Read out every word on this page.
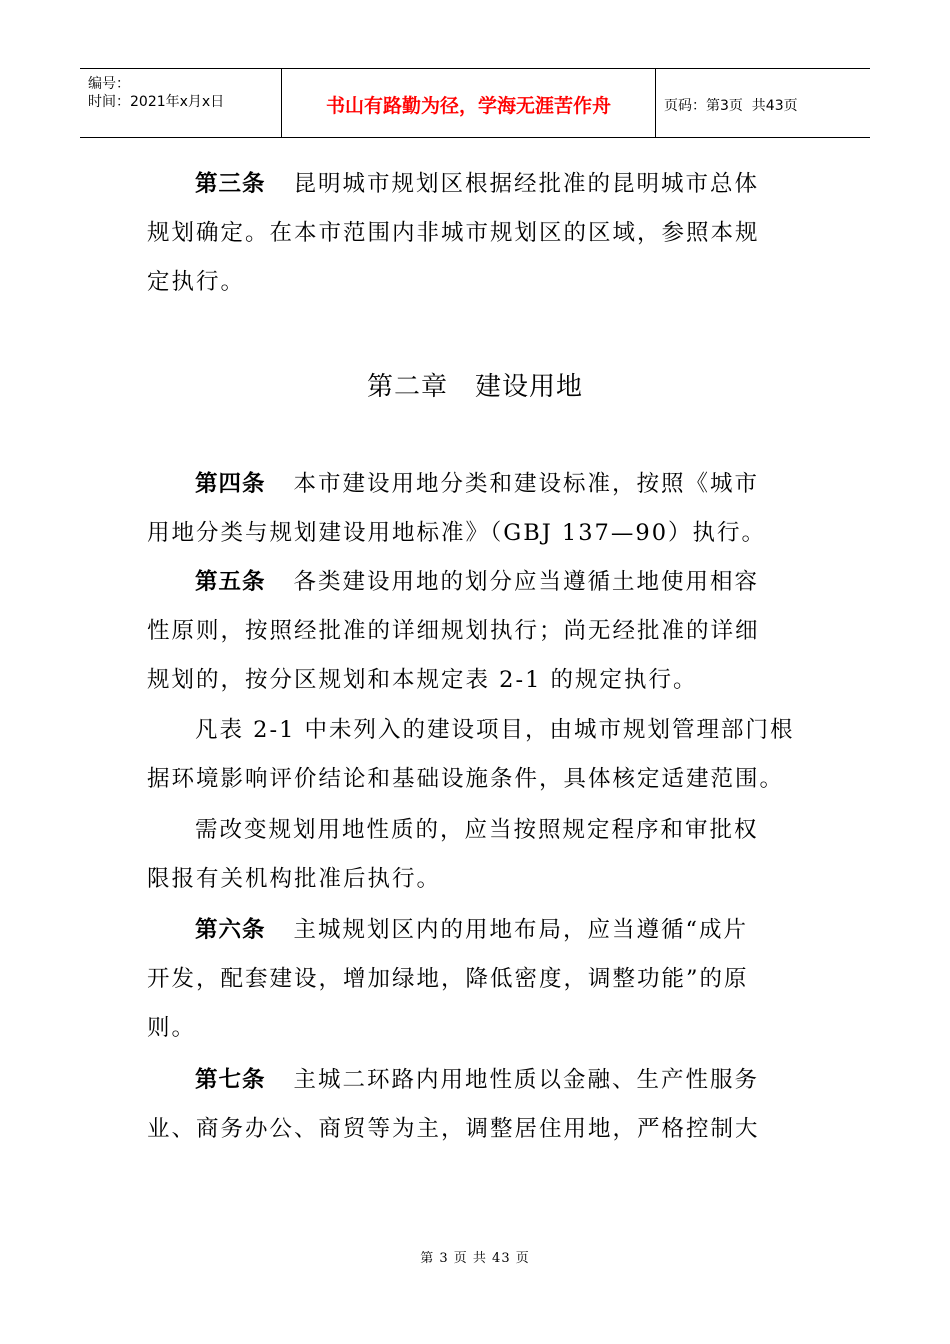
编号：
时间：2021年x月x日	书山有路勤为径，学海无涯苦作舟	页码：第3页  共43页
第三条 昆明城市规划区根据经批准的昆明城市总体
规划确定。在本市范围内非城市规划区的区域，参照本规
定执行。
第二章　建设用地
第四条 本市建设用地分类和建设标准，按照《城市
用地分类与规划建设用地标准》（GBJ 137—90）执行。
第五条 各类建设用地的划分应当遵循土地使用相容
性原则，按照经批准的详细规划执行；尚无经批准的详细
规划的，按分区规划和本规定表 2-1 的规定执行。
凡表 2-1 中未列入的建设项目，由城市规划管理部门根
据环境影响评价结论和基础设施条件，具体核定适建范围。
需改变规划用地性质的，应当按照规定程序和审批权
限报有关机构批准后执行。
第六条 主城规划区内的用地布局，应当遵循“成片
开发，配套建设，增加绿地，降低密度，调整功能”的原
则。
第七条 主城二环路内用地性质以金融、生产性服务
业、商务办公、商贸等为主，调整居住用地，严格控制大
第 3 页 共 43 页
